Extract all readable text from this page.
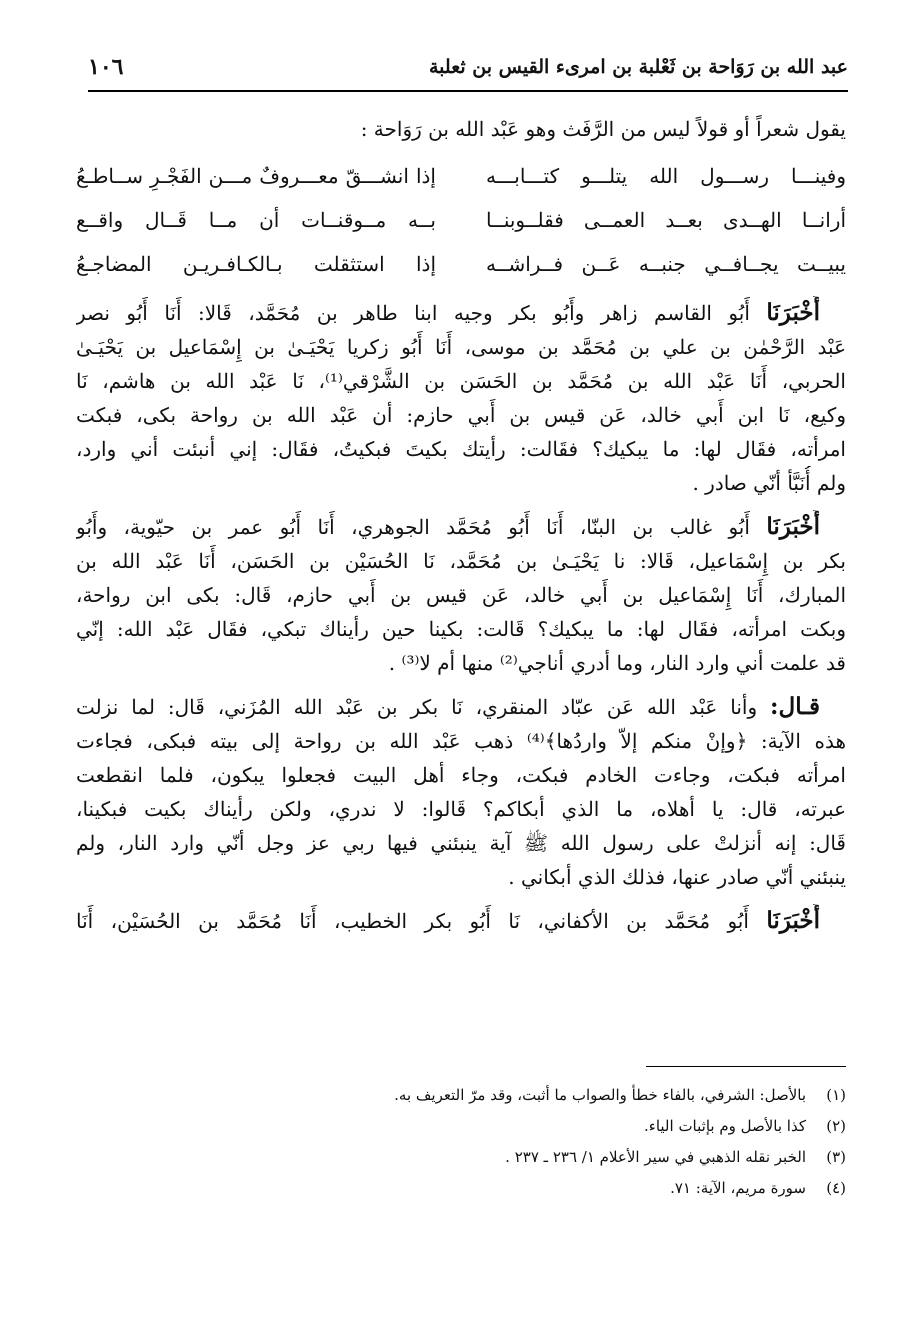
عبد الله بن رَوَاحة بن ثَعْلبة بن امرىء القيس بن ثعلبة
١٠٦
يقول شعراً أو قولاً ليس من الرَّفَث وهو عَبْد الله بن رَوَاحة :
وفينـــا رســـول الله يتلـــو كتـــابـــه
إذا انشـــقّ معـــروفٌ مـــن الفَجْـرِ ســاطـعُ
أرانــا الهــدى بعــد العمــى فقلــوبنــا
بــه مــوقنــات أن مــا قَــال واقــع
يبيــت يجــافــي جنبــه عَــن فــراشــه
إذا استثقلت بـالكـافـريـن المضاجـعُ
أَخْبَرَنَا أَبُو القاسم زاهر وأَبُو بكر وجيه ابنا طاهر بن مُحَمَّد، قَالا: أَنَا أَبُو نصر
عَبْد الرَّحْمٰن بن علي بن مُحَمَّد بن موسى، أَنَا أَبُو زكريا يَحْيَـىٰ بن إِسْمَاعيل بن يَحْيَـىٰ
الحربي، أَنَا عَبْد الله بن مُحَمَّد بن الحَسَن بن الشَّرْقي⁽¹⁾، نَا عَبْد الله بن هاشم، نَا
وكيع، نَا ابن أَبي خالد، عَن قيس بن أَبي حازم: أن عَبْد الله بن رواحة بكى، فبكت
امرأته، فقَال لها: ما يبكيك؟ فقَالت: رأيتك بكيتَ فبكيتُ، فقَال: إني أنبئت أني وارد،
ولم أُنَبَّأ أنّي صادر .
أَخْبَرَنَا أَبُو غالب بن البنّا، أَنَا أَبُو مُحَمَّد الجوهري، أَنَا أَبُو عمر بن حيّوية، وأَبُو
بكر بن إِسْمَاعيل، قَالا: نا يَحْيَـىٰ بن مُحَمَّد، نَا الحُسَيْن بن الحَسَن، أَنَا عَبْد الله بن
المبارك، أَنَا إِسْمَاعيل بن أَبي خالد، عَن قيس بن أَبي حازم، قَال: بكى ابن رواحة،
وبكت امرأته، فقَال لها: ما يبكيك؟ قَالت: بكينا حين رأيناك تبكي، فقَال عَبْد الله: إنّي
قد علمت أني وارد النار، وما أدري أناجي⁽²⁾ منها أم لا⁽³⁾ .
قـال: وأنا عَبْد الله عَن عبّاد المنقري، نَا بكر بن عَبْد الله المُزَني، قَال: لما نزلت
هذه الآية: ﴿وإنْ منكم إلاّ واردُها﴾⁽⁴⁾ ذهب عَبْد الله بن رواحة إلى بيته فبكى، فجاءت
امرأته فبكت، وجاءت الخادم فبكت، وجاء أهل البيت فجعلوا يبكون، فلما انقطعت
عبرته، قال: يا أهلاه، ما الذي أبكاكم؟ قَالوا: لا ندري، ولكن رأيناك بكيت فبكينا،
قَال: إنه أنزلتْ على رسول الله ﷺ آية ينبئني فيها ربي عز وجل أنّي وارد النار، ولم
ينبئني أنّي صادر عنها، فذلك الذي أبكاني .
أَخْبَرَنَا أَبُو مُحَمَّد بن الأكفاني، نَا أَبُو بكر الخطيب، أَنَا مُحَمَّد بن الحُسَيْن، أَنَا
(١)بالأصل: الشرفي، بالفاء خطأ والصواب ما أثبت، وقد مرّ التعريف به.
(٢)كذا بالأصل وم بإثبات الياء.
(٣)الخبر نقله الذهبي في سير الأعلام ١/ ٢٣٦ ـ ٢٣٧ .
(٤)سورة مريم، الآية: ٧١.
